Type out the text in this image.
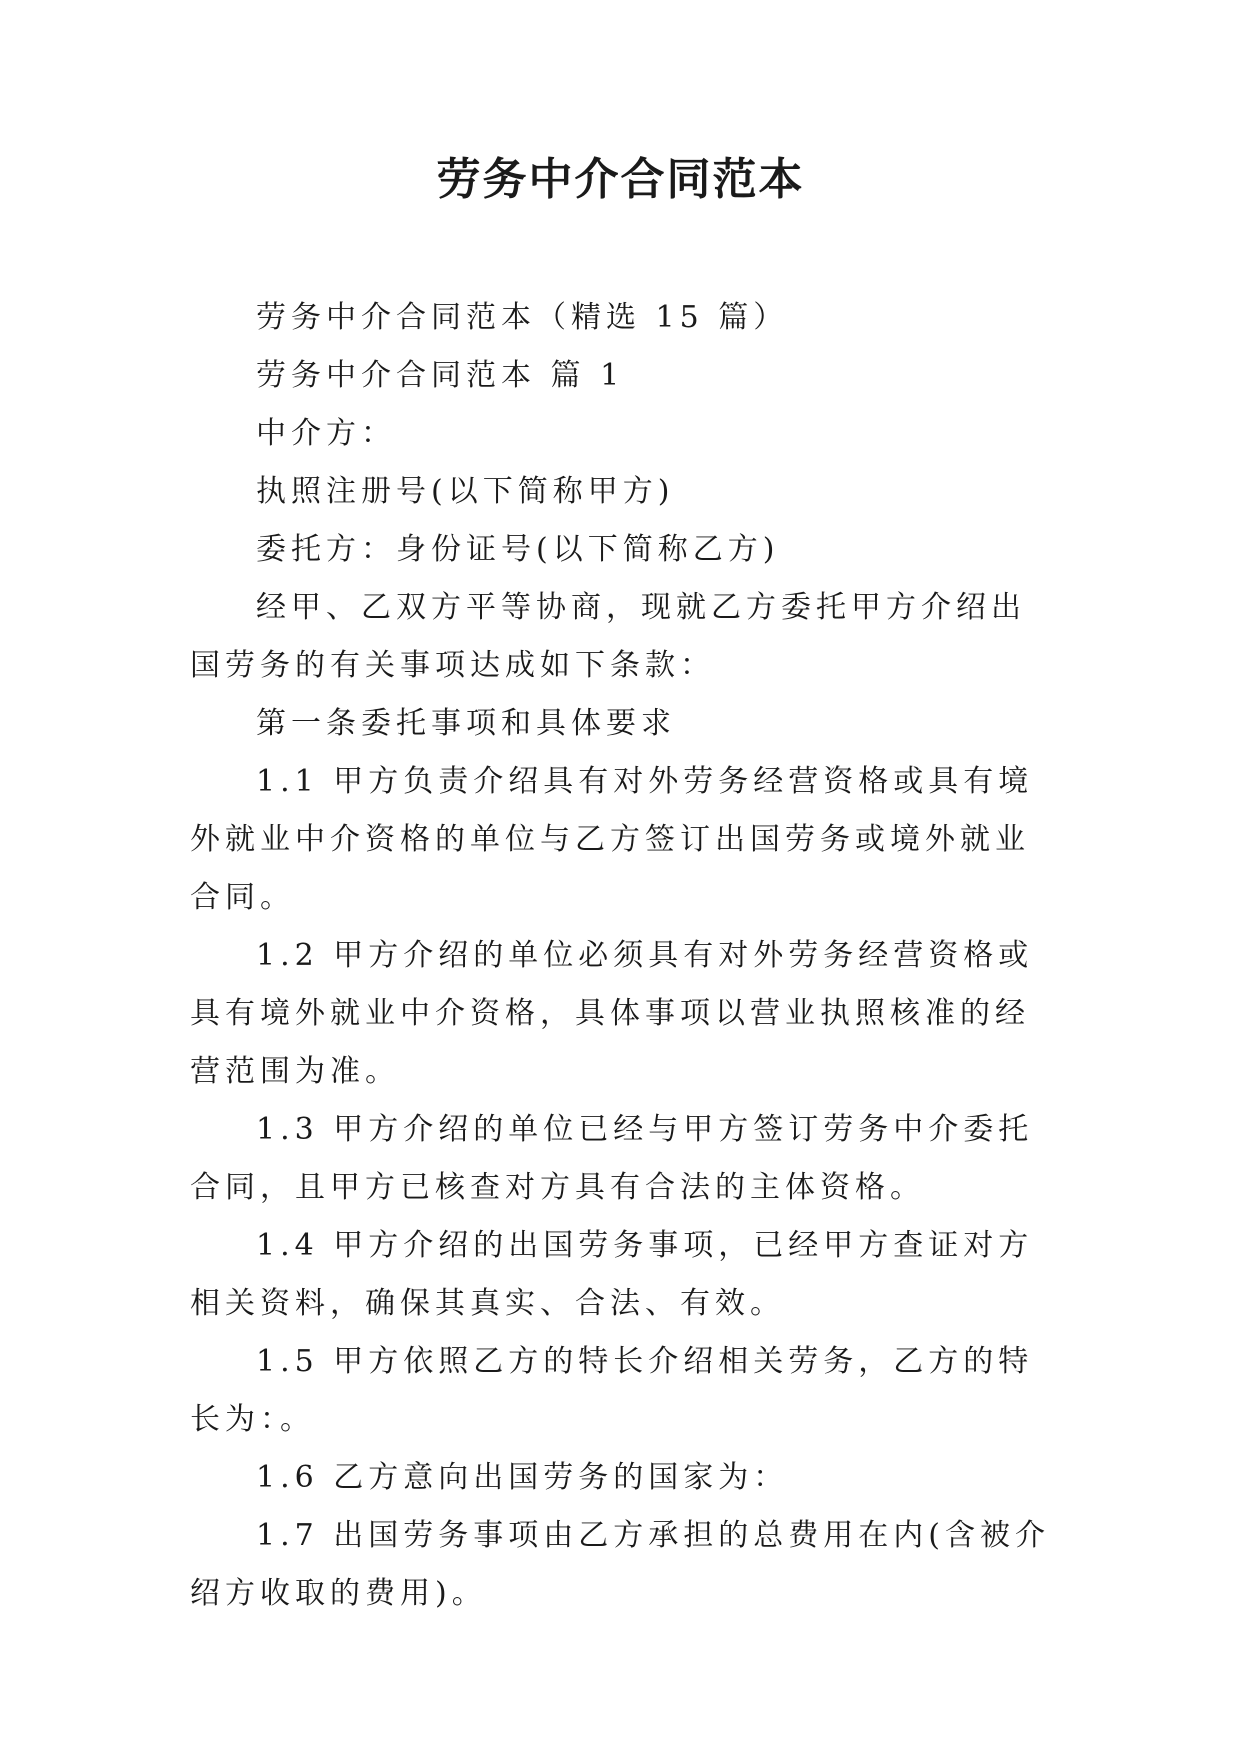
劳务中介合同范本

劳务中介合同范本（精选 15 篇）

劳务中介合同范本 篇 1

中介方：

执照注册号(以下简称甲方)

委托方：身份证号(以下简称乙方)

经甲、乙双方平等协商，现就乙方委托甲方介绍出国劳务的有关事项达成如下条款：

第一条委托事项和具体要求

1.1 甲方负责介绍具有对外劳务经营资格或具有境外就业中介资格的单位与乙方签订出国劳务或境外就业合同。

1.2 甲方介绍的单位必须具有对外劳务经营资格或具有境外就业中介资格，具体事项以营业执照核准的经营范围为准。

1.3 甲方介绍的单位已经与甲方签订劳务中介委托合同，且甲方已核查对方具有合法的主体资格。

1.4 甲方介绍的出国劳务事项，已经甲方查证对方相关资料，确保其真实、合法、有效。

1.5 甲方依照乙方的特长介绍相关劳务，乙方的特长为：。

1.6 乙方意向出国劳务的国家为：

1.7 出国劳务事项由乙方承担的总费用在内(含被介绍方收取的费用)。
